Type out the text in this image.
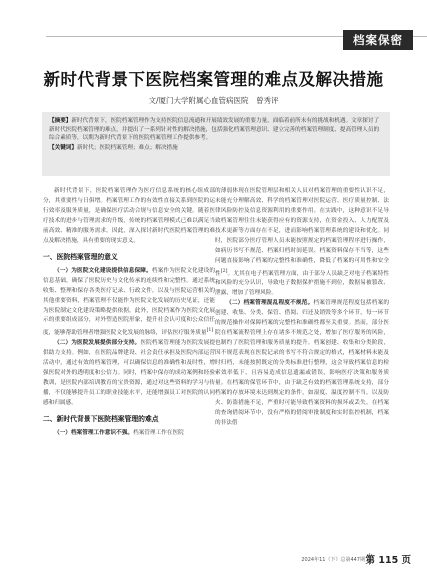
档案保密
新时代背景下医院档案管理的难点及解决措施
文/厦门大学附属心血管病医院　曾秀评

【摘要】新时代背景下，医院档案管理作为支持医院信息流通和开展绩效发展的重要力量，面临着前所未有的挑战和机遇。文章探讨了新时代医院档案管理的难点，并提出了一系列针对性的解决措施，包括强化档案管理意识、建立完善的档案管理制度、提高管理人员的综合素质等，以期为新时代背景下的医院档案管理工作提供参考。

【关键词】新时代；医院档案管理；难点；解决措施

新时代背景下，医院档案管理作为医疗信息系统的核心组成部分，其重要性与日俱增。档案管理工作的有效性直接关系到医院的运行效率及服务质量，是确保医疗活动合规与信息安全的关键。随着医疗技术的进步与管理需求的升级，传统的档案管理模式已难以满足当前高效、精准的服务需求。因此，深入探讨新时代医院档案管理的难点及解决措施，具有重要的现实意义。

一、医院档案管理的意义

（一）为医院文化建设提供信息保障。档案作为医院文化建设的信息基础，确保了医院历史与文化传承的连续性和完整性。通过系统收集、整理和保存各类医疗记录、行政文件，以及与医院运营相关的其他重要资料，档案管理不仅能作为医院文化发展的历史见证，还能为医院制定文化建设策略提供依据。此外，医院档案作为医院文化展示的重要组成部分，对外塑造医院形象，提升社会认可度和公众信任度，能够帮助管理者增强医院文化发展的脉络，评估医疗服务质量[1]

（二）为医院发展提供部分支持。医院档案管理能为医院发展提供助力支持。例如，在医院品牌建设、社会责任承担及医院内部运营活动中，通过有效的档案管理，可以确保信息的准确性和及时性，增强医院对外的透明度和公信力。同时，档案中保存的成功案例和经验教训，是医院内部培训教育的宝贵资源，通过对这些资料的学习与传播，不仅能够提升员工的职业技能水平，还能增强员工对医院的认同感和归属感。

二、新时代背景下医院档案管理的难点

（一）档案管理工作意识不强。档案管理工作在医院

的薄弱体现在医院管理层和相关人员对档案管理的重要性认识不足，未能充分理解高效、科学的档案管理对医院运营、医疗质量控制、法律风险防控及信息资源利用的重要作用。在实践中，这种意识不足导致档案管理往往未能获得应有的资源支持，在资金投入、人力配置及技术更新等方面存在不足，进而影响档案管理系统的建设和优化。同时，医院部分医疗管理人员未能按照规定的档案管理程序进行操作，如病历书写不规范、档案归档时间延误、档案资料保存不当等，这些问题直接影响了档案的完整性和准确性，降低了档案的可用性和安全性[2]。尤其在电子档案管理方面，由于部分人员缺乏对电子档案特性和风险的充分认识，导致电子数据保护措施不到位，数据易被篡改、泄露，增加了管理风险。

（二）档案管理混乱程度不规范。档案管理规范程度包括档案的创建、收集、分类、保管、借阅、归还及销毁等多个环节，每一环节的规范操作对保障档案的完整性和准确性都至关重要。然而，部分医院在档案流程管理上存在诸多不规范之处，增加了医疗服务的风险，也制约了医院管理和服务质量的提升。档案创建、收集和分类阶段，因不规范表现在医院记录的书写不符合规定的格式，档案材料未能及时归档，未能按照既定的分类标准进行整理，这会导致档案信息的检索效率低下，且容易造成信息遗漏或错误，影响医疗决策和服务质量。在档案的保管环节中，由于缺乏有效的档案管理系统支持，部分档案的存放环境未达到规定的条件，如湿度、温度控制不当，以及防火、防盗措施不足，严重时可能导致档案资料的损坏或丢失。在档案的查询借阅环节中，没有严格的借阅审批制度和实时监控机制，档案的非法借

2024年11（下）总第447期 第 115 页
